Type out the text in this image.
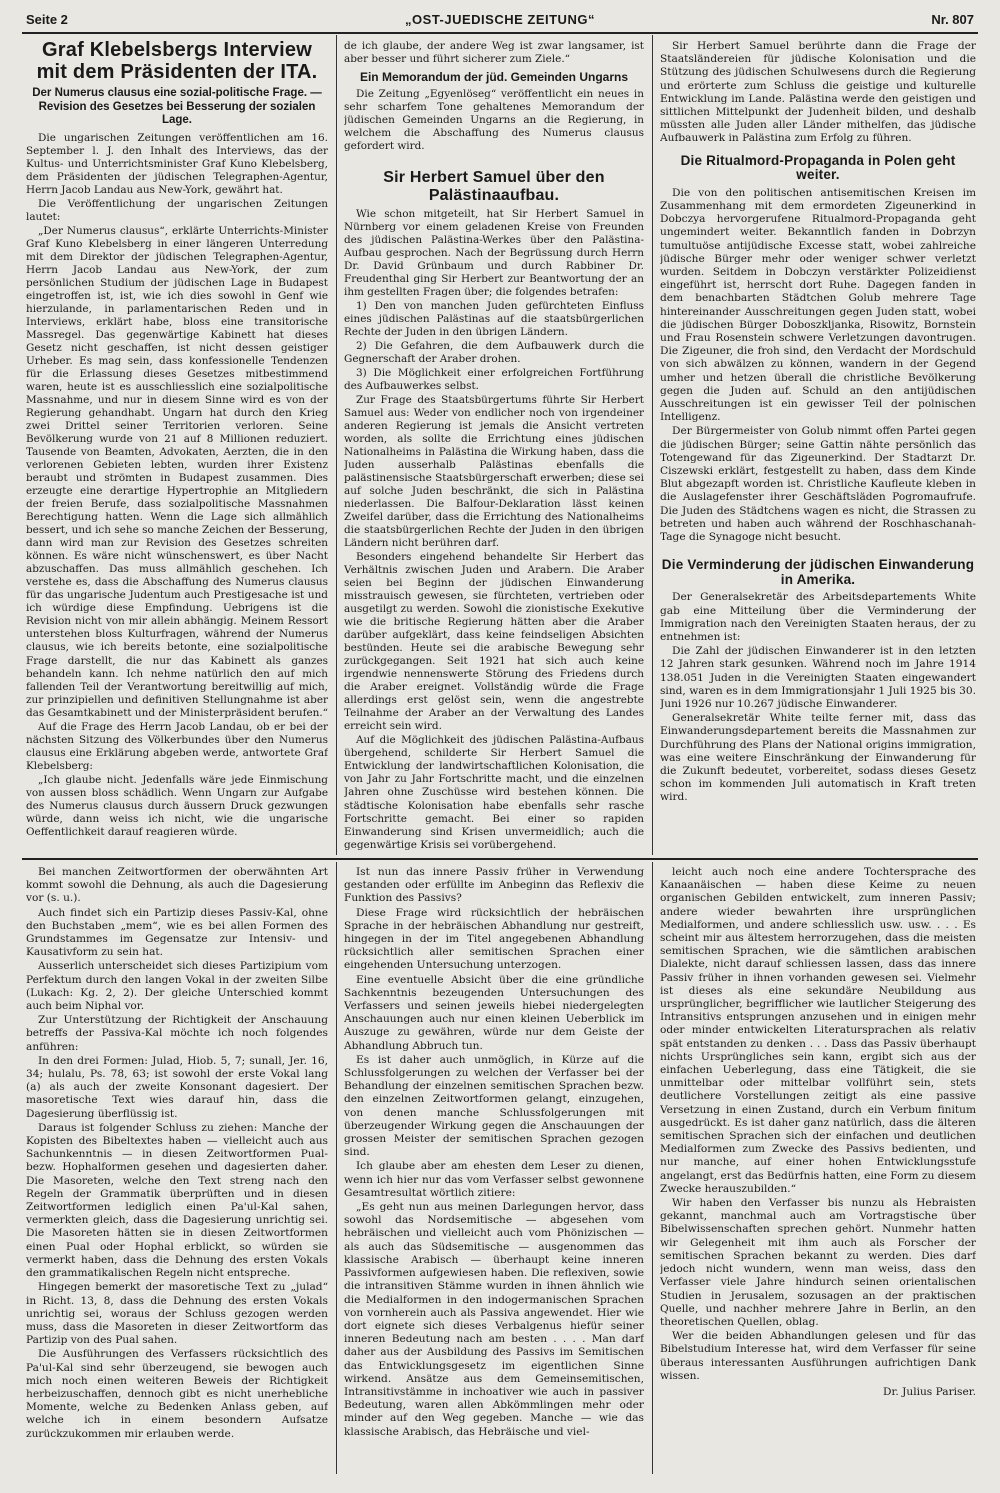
Seite 2	„OST-JUEDISCHE ZEITUNG“	Nr. 807
Graf Klebelsbergs Interview mit dem Präsidenten der ITA.
Der Numerus clausus eine sozial-politische Frage. — Revision des Gesetzes bei Besserung der sozialen Lage.

Die ungarischen Zeitungen veröffentlichen am 16. September l. J. den Inhalt des Interviews, das der Kultus- und Unterrichtsminister Graf Kuno Klebelsberg, dem Präsidenten der jüdischen Telegraphen-Agentur, Herrn Jacob Landau aus New-York, gewährt hat.

Die Veröffentlichung der ungarischen Zeitungen lautet:

„Der Numerus clausus“, erklärte Unterrichts-Minister Graf Kuno Klebelsberg in einer längeren Unterredung mit dem Direktor der jüdischen Telegraphen-Agentur, Herrn Jacob Landau aus New-York, der zum persönlichen Studium der jüdischen Lage in Budapest eingetroffen ist, ist, wie ich dies sowohl in Genf wie hierzulande, in parlamentarischen Reden und in Interviews, erklärt habe, bloss eine transitorische Massregel. Das gegenwärtige Kabinett hat dieses Gesetz nicht geschaffen, ist nicht dessen geistiger Urheber. Es mag sein, dass konfessionelle Tendenzen für die Erlassung dieses Gesetzes mitbestimmend waren, heute ist es ausschliesslich eine sozialpolitische Massnahme, und nur in diesem Sinne wird es von der Regierung gehandhabt. Ungarn hat durch den Krieg zwei Drittel seiner Territorien verloren. Seine Bevölkerung wurde von 21 auf 8 Millionen reduziert. Tausende von Beamten, Advokaten, Aerzten, die in den verlorenen Gebieten lebten, wurden ihrer Existenz beraubt und strömten in Budapest zusammen. Dies erzeugte eine derartige Hypertrophie an Mitgliedern der freien Berufe, dass sozialpolitische Massnahmen Berechtigung hatten. Wenn die Lage sich allmählich bessert, und ich sehe so manche Zeichen der Besserung, dann wird man zur Revision des Gesetzes schreiten können. Es wäre nicht wünschenswert, es über Nacht abzuschaffen. Das muss allmählich geschehen. Ich verstehe es, dass die Abschaffung des Numerus clausus für das ungarische Judentum auch Prestigesache ist und ich würdige diese Empfindung. Uebrigens ist die Revision nicht von mir allein abhängig. Meinem Ressort unterstehen bloss Kulturfragen, während der Numerus clausus, wie ich bereits betonte, eine sozialpolitische Frage darstellt, die nur das Kabinett als ganzes behandeln kann. Ich nehme natürlich den auf mich fallenden Teil der Verantwortung bereitwillig auf mich, zur prinzipiellen und definitiven Stellungnahme ist aber das Gesamtkabinett und der Ministerpräsident berufen.“

Auf die Frage des Herrn Jacob Landau, ob er bei der nächsten Sitzung des Völkerbundes über den Numerus clausus eine Erklärung abgeben werde, antwortete Graf Klebelsberg:

„Ich glaube nicht. Jedenfalls wäre jede Einmischung von aussen bloss schädlich. Wenn Ungarn zur Aufgabe des Numerus clausus durch äussern Druck gezwungen würde, dann weiss ich nicht, wie die ungarische Oeffentlichkeit darauf reagieren würde.

de ich glaube, der andere Weg ist zwar langsamer, ist aber besser und führt sicherer zum Ziele.“

Ein Memorandum der jüd. Gemeinden Ungarns

Die Zeitung „Egyenlöseg“ veröffentlicht ein neues in sehr scharfem Tone gehaltenes Memorandum der jüdischen Gemeinden Ungarns an die Regierung, in welchem die Abschaffung des Numerus clausus gefordert wird.

Sir Herbert Samuel über den Palästinaaufbau.

Wie schon mitgeteilt, hat Sir Herbert Samuel in Nürnberg vor einem geladenen Kreise von Freunden des jüdischen Palästina-Werkes über den Palästina-Aufbau gesprochen. Nach der Begrüssung durch Herrn Dr. David Grünbaum und durch Rabbiner Dr. Freudenthal ging Sir Herbert zur Beantwortung der an ihm gestellten Fragen über; die folgendes betrafen:

1) Den von manchen Juden gefürchteten Einfluss eines jüdischen Palästinas auf die staatsbürgerlichen Rechte der Juden in den übrigen Ländern.

2) Die Gefahren, die dem Aufbauwerk durch die Gegnerschaft der Araber drohen.

3) Die Möglichkeit einer erfolgreichen Fortführung des Aufbauwerkes selbst.

Zur Frage des Staatsbürgertums führte Sir Herbert Samuel aus: Weder von endlicher noch von irgendeiner anderen Regierung ist jemals die Ansicht vertreten worden, als sollte die Errichtung eines jüdischen Nationalheims in Palästina die Wirkung haben, dass die Juden ausserhalb Palästinas ebenfalls die palästinensische Staatsbürgerschaft erwerben; diese sei auf solche Juden beschränkt, die sich in Palästina niederlassen. Die Balfour-Deklaration lässt keinen Zweifel darüber, dass die Errichtung des Nationalheims die staatsbürgerlichen Rechte der Juden in den übrigen Ländern nicht berühren darf.

Besonders eingehend behandelte Sir Herbert das Verhältnis zwischen Juden und Arabern. Die Araber seien bei Beginn der jüdischen Einwanderung misstrauisch gewesen, sie fürchteten, vertrieben oder ausgetilgt zu werden. Sowohl die zionistische Exekutive wie die britische Regierung hätten aber die Araber darüber aufgeklärt, dass keine feindseligen Absichten bestünden. Heute sei die arabische Bewegung sehr zurückgegangen. Seit 1921 hat sich auch keine irgendwie nennenswerte Störung des Friedens durch die Araber ereignet. Vollständig würde die Frage allerdings erst gelöst sein, wenn die angestrebte Teilnahme der Araber an der Verwaltung des Landes erreicht sein wird.

Auf die Möglichkeit des jüdischen Palästina-Aufbaus übergehend, schilderte Sir Herbert Samuel die Entwicklung der landwirtschaftlichen Kolonisation, die von Jahr zu Jahr Fortschritte macht, und die einzelnen Jahren ohne Zuschüsse wird bestehen können. Die städtische Kolonisation habe ebenfalls sehr rasche Fortschritte gemacht. Bei einer so rapiden Einwanderung sind Krisen unvermeidlich; auch die gegenwärtige Krisis sei vorübergehend.

Sir Herbert Samuel berührte dann die Frage der Staatsländereien für jüdische Kolonisation und die Stützung des jüdischen Schulwesens durch die Regierung und erörterte zum Schluss die geistige und kulturelle Entwicklung im Lande. Palästina werde den geistigen und sittlichen Mittelpunkt der Judenheit bilden, und deshalb müssten alle Juden aller Länder mithelfen, das jüdische Aufbauwerk in Palästina zum Erfolg zu führen.

Die Ritualmord-Propaganda in Polen geht weiter.

Die von den politischen antisemitischen Kreisen im Zusammenhang mit dem ermordeten Zigeunerkind in Dobczya hervorgerufene Ritualmord-Propaganda geht ungemindert weiter. Bekanntlich fanden in Dobrzyn tumultuöse antijüdische Excesse statt, wobei zahlreiche jüdische Bürger mehr oder weniger schwer verletzt wurden. Seitdem in Dobczyn verstärkter Polizeidienst eingeführt ist, herrscht dort Ruhe. Dagegen fanden in dem benachbarten Städtchen Golub mehrere Tage hintereinander Ausschreitungen gegen Juden statt, wobei die jüdischen Bürger Doboszkljanka, Risowitz, Bornstein und Frau Rosenstein schwere Verletzungen davontrugen. Die Zigeuner, die froh sind, den Verdacht der Mordschuld von sich abwälzen zu können, wandern in der Gegend umher und hetzen überall die christliche Bevölkerung gegen die Juden auf. Schuld an den antijüdischen Ausschreitungen ist ein gewisser Teil der polnischen Intelligenz.

Der Bürgermeister von Golub nimmt offen Partei gegen die jüdischen Bürger; seine Gattin nähte persönlich das Totengewand für das Zigeunerkind. Der Stadtarzt Dr. Ciszewski erklärt, festgestellt zu haben, dass dem Kinde Blut abgezapft worden ist. Christliche Kaufleute kleben in die Auslagefenster ihrer Geschäftsläden Pogromaufrufe. Die Juden des Städtchens wagen es nicht, die Strassen zu betreten und haben auch während der Roschhaschanah-Tage die Synagoge nicht besucht.

Die Verminderung der jüdischen Einwanderung in Amerika.

Der Generalsekretär des Arbeitsdepartements White gab eine Mitteilung über die Verminderung der Immigration nach den Vereinigten Staaten heraus, der zu entnehmen ist:

Die Zahl der jüdischen Einwanderer ist in den letzten 12 Jahren stark gesunken. Während noch im Jahre 1914 138.051 Juden in die Vereinigten Staaten eingewandert sind, waren es in dem Immigrationsjahr 1 Juli 1925 bis 30. Juni 1926 nur 10.267 jüdische Einwanderer.

Generalsekretär White teilte ferner mit, dass das Einwanderungsdepartement bereits die Massnahmen zur Durchführung des Plans der National origins immigration, was eine weitere Einschränkung der Einwanderung für die Zukunft bedeutet, vorbereitet, sodass dieses Gesetz schon im kommenden Juli automatisch in Kraft treten wird.

Bei manchen Zeitwortformen der oberwähnten Art kommt sowohl die Dehnung, als auch die Dagesierung vor (s. u.).

Auch findet sich ein Partizip dieses Passiv-Kal, ohne den Buchstaben „mem“, wie es bei allen Formen des Grundstammes im Gegensatze zur Intensiv- und Kausativform zu sein hat.

Ausserlich unterscheidet sich dieses Partizipium vom Perfektum durch den langen Vokal in der zweiten Silbe (Lukach: Kg. 2, 2). Der gleiche Unterschied kommt auch beim Niphal vor.

Zur Unterstützung der Richtigkeit der Anschauung betreffs der Passiva-Kal möchte ich noch folgendes anführen:

In den drei Formen: Julad, Hiob. 5, 7; sunall, Jer. 16, 34; hulalu, Ps. 78, 63; ist sowohl der erste Vokal lang (a) als auch der zweite Konsonant dagesiert. Der masoretische Text wies darauf hin, dass die Dagesierung überflüssig ist.

Daraus ist folgender Schluss zu ziehen: Manche der Kopisten des Bibeltextes haben — vielleicht auch aus Sachunkenntnis — in diesen Zeitwortformen Pual- bezw. Hophalformen gesehen und dagesierten daher. Die Masoreten, welche den Text streng nach den Regeln der Grammatik überprüften und in diesen Zeitwortformen lediglich einen Pa'ul-Kal sahen, vermerkten gleich, dass die Dagesierung unrichtig sei. Die Masoreten hätten sie in diesen Zeitwortformen einen Pual oder Hophal erblickt, so würden sie vermerkt haben, dass die Dehnung des ersten Vokals den grammatikalischen Regeln nicht entspreche.

Hingegen bemerkt der masoretische Text zu „julad“ in Richt. 13, 8, dass die Dehnung des ersten Vokals unrichtig sei, woraus der Schluss gezogen werden muss, dass die Masoreten in dieser Zeitwortform das Partizip von des Pual sahen.

Die Ausführungen des Verfassers rücksichtlich des Pa'ul-Kal sind sehr überzeugend, sie bewogen auch mich noch einen weiteren Beweis der Richtigkeit herbeizuschaffen, dennoch gibt es nicht unerhebliche Momente, welche zu Bedenken Anlass geben, auf welche ich in einem besondern Aufsatze zurückzukommen mir erlauben werde.

Ist nun das innere Passiv früher in Verwendung gestanden oder erfüllte im Anbeginn das Reflexiv die Funktion des Passivs?

Diese Frage wird rücksichtlich der hebräischen Sprache in der hebräischen Abhandlung nur gestreift, hingegen in der im Titel angegebenen Abhandlung rücksichtlich aller semitischen Sprachen einer eingehenden Untersuchung unterzogen.

Eine eventuelle Absicht über die eine gründliche Sachkenntnis bezeugenden Untersuchungen des Verfassers und seinen jeweils hiebei niedergelegten Anschauungen auch nur einen kleinen Ueberblick im Auszuge zu gewähren, würde nur dem Geiste der Abhandlung Abbruch tun.

Es ist daher auch unmöglich, in Kürze auf die Schlussfolgerungen zu welchen der Verfasser bei der Behandlung der einzelnen semitischen Sprachen bezw. den einzelnen Zeitwortformen gelangt, einzugehen, von denen manche Schlussfolgerungen mit überzeugender Wirkung gegen die Anschauungen der grossen Meister der semitischen Sprachen gezogen sind.

Ich glaube aber am ehesten dem Leser zu dienen, wenn ich hier nur das vom Verfasser selbst gewonnene Gesamtresultat wörtlich zitiere:

„Es geht nun aus meinen Darlegungen hervor, dass sowohl das Nordsemitische — abgesehen vom hebräischen und vielleicht auch vom Phönizischen — als auch das Südsemitische — ausgenommen das klassische Arabisch — überhaupt keine inneren Passivformen aufgewiesen haben. Die reflexiven, sowie die intransitiven Stämme wurden in ihnen ähnlich wie die Medialformen in den indogermanischen Sprachen von vornherein auch als Passiva angewendet. Hier wie dort eignete sich dieses Verbalgenus hiefür seiner inneren Bedeutung nach am besten . . . . Man darf daher aus der Ausbildung des Passivs im Semitischen das Entwicklungsgesetz im eigentlichen Sinne wirkend. Ansätze aus dem Gemeinsemitischen, Intransitivstämme in inchoativer wie auch in passiver Bedeutung, waren allen Abkömmlingen mehr oder minder auf den Weg gegeben. Manche — wie das klassische Arabisch, das Hebräische und viel-

leicht auch noch eine andere Tochtersprache des Kanaanäischen — haben diese Keime zu neuen organischen Gebilden entwickelt, zum inneren Passiv; andere wieder bewahrten ihre ursprünglichen Medialformen, und andere schliesslich usw. usw. . . . Es scheint mir aus ältestem herrorzugehen, dass die meisten semitischen Sprachen, wie die sämtlichen arabischen Dialekte, nicht darauf schliessen lassen, dass das innere Passiv früher in ihnen vorhanden gewesen sei. Vielmehr ist dieses als eine sekundäre Neubildung aus ursprünglicher, begrifflicher wie lautlicher Steigerung des Intransitivs entsprungen anzusehen und in einigen mehr oder minder entwickelten Literatursprachen als relativ spät entstanden zu denken . . . Dass das Passiv überhaupt nichts Ursprüngliches sein kann, ergibt sich aus der einfachen Ueberlegung, dass eine Tätigkeit, die sie unmittelbar oder mittelbar vollführt sein, stets deutlichere Vorstellungen zeitigt als eine passive Versetzung in einen Zustand, durch ein Verbum finitum ausgedrückt. Es ist daher ganz natürlich, dass die älteren semitischen Sprachen sich der einfachen und deutlichen Medialformen zum Zwecke des Passivs bedienten, und nur manche, auf einer hohen Entwicklungsstufe angelangt, erst das Bedürfnis hatten, eine Form zu diesem Zwecke herauszubilden.“

Wir haben den Verfasser bis nunzu als Hebraisten gekannt, manchmal auch am Vortragstische über Bibelwissenschaften sprechen gehört. Nunmehr hatten wir Gelegenheit mit ihm auch als Forscher der semitischen Sprachen bekannt zu werden. Dies darf jedoch nicht wundern, wenn man weiss, dass den Verfasser viele Jahre hindurch seinen orientalischen Studien in Jerusalem, sozusagen an der praktischen Quelle, und nachher mehrere Jahre in Berlin, an den theoretischen Quellen, oblag.

Wer die beiden Abhandlungen gelesen und für das Bibelstudium Interesse hat, wird dem Verfasser für seine überaus interessanten Ausführungen aufrichtigen Dank wissen.

Dr. Julius Pariser.
